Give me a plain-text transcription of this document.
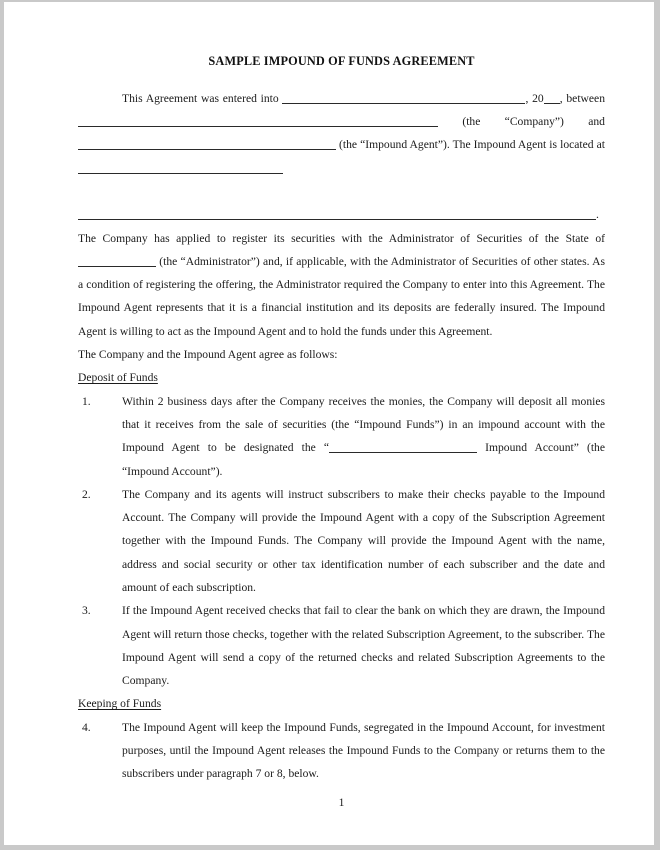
SAMPLE IMPOUND OF FUNDS AGREEMENT

This Agreement was entered into	, 20 , between  (the “Company”) and  (the “Impound Agent”). The Impound Agent is located at

.

The Company has applied to register its securities with the Administrator of Securities of the State of  (the “Administrator”) and, if applicable, with the Administrator of Securities of other states. As a condition of registering the offering, the Administrator required the Company to enter into this Agreement. The Impound Agent represents that it is a financial institution and its deposits are federally insured. The Impound Agent is willing to act as the Impound Agent and to hold the funds under this Agreement.

The Company and the Impound Agent agree as follows:

Deposit of Funds

1.	Within 2 business days after the Company receives the monies, the Company will deposit all monies that it receives from the sale of securities (the “Impound Funds”) in an impound account with the Impound Agent to be designated the “	Impound Account” (the “Impound Account”).

2.	The Company and its agents will instruct subscribers to make their checks payable to the Impound Account. The Company will provide the Impound Agent with a copy of the Subscription Agreement together with the Impound Funds. The Company will provide the Impound Agent with the name, address and social security or other tax identification number of each subscriber and the date and amount of each subscription.

3.	If the Impound Agent received checks that fail to clear the bank on which they are drawn, the Impound Agent will return those checks, together with the related Subscription Agreement, to the subscriber. The Impound Agent will send a copy of the returned checks and related Subscription Agreements to the Company.

Keeping of Funds

4.	The Impound Agent will keep the Impound Funds, segregated in the Impound Account, for investment purposes, until the Impound Agent releases the Impound Funds to the Company or returns them to the subscribers under paragraph 7 or 8, below.

1
